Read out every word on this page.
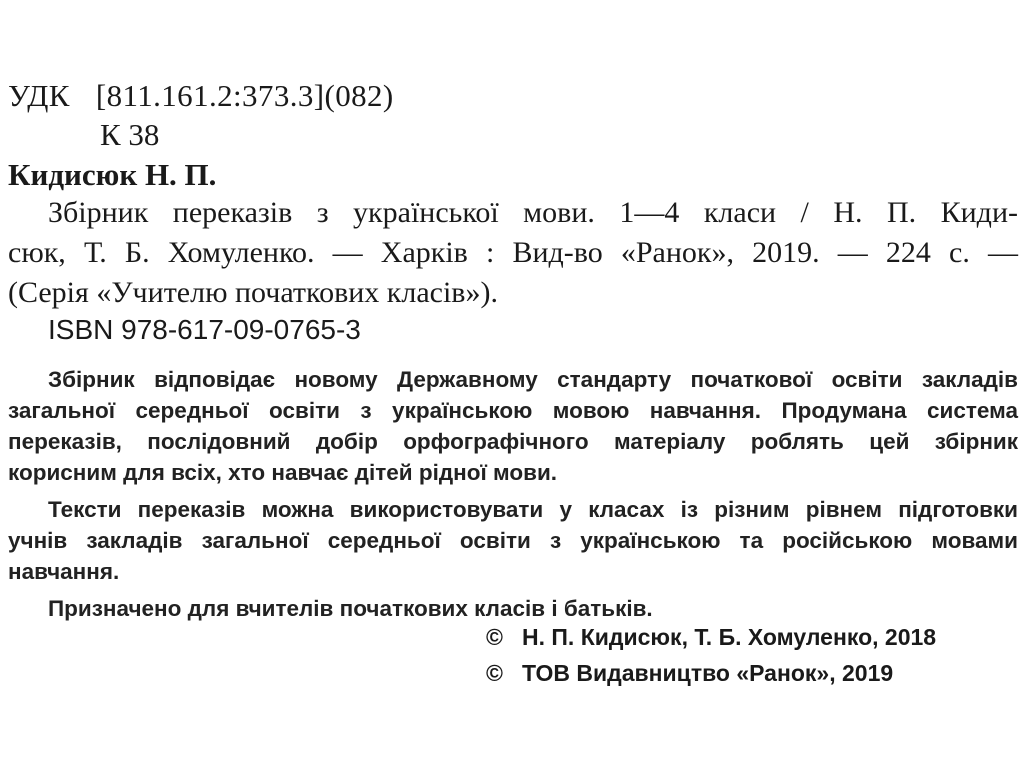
УДК [811.161.2:373.3](082)
К 38
Кидисюк Н. П.

Збірник переказів з української мови. 1—4 класи / Н. П. Киди-

сюк, Т. Б. Хомуленко. — Харків : Вид-во «Ранок», 2019. — 224 с. —

(Серія «Учителю початкових класів»).

ISBN 978-617-09-0765-3

Збірник відповідає новому Державному стандарту початкової освіти закладів
загальної середньої освіти з українською мовою навчання. Продумана система
переказів, послідовний добір орфографічного матеріалу роблять цей збірник
корисним для всіх, хто навчає дітей рідної мови.

Тексти переказів можна використовувати у класах із різним рівнем підготовки
учнів закладів загальної середньої освіти з українською та російською мовами
навчання.

Призначено для вчителів початкових класів і батьків.

© Н. П. Кидисюк, Т. Б. Хомуленко, 2018
© ТОВ Видавництво «Ранок», 2019
